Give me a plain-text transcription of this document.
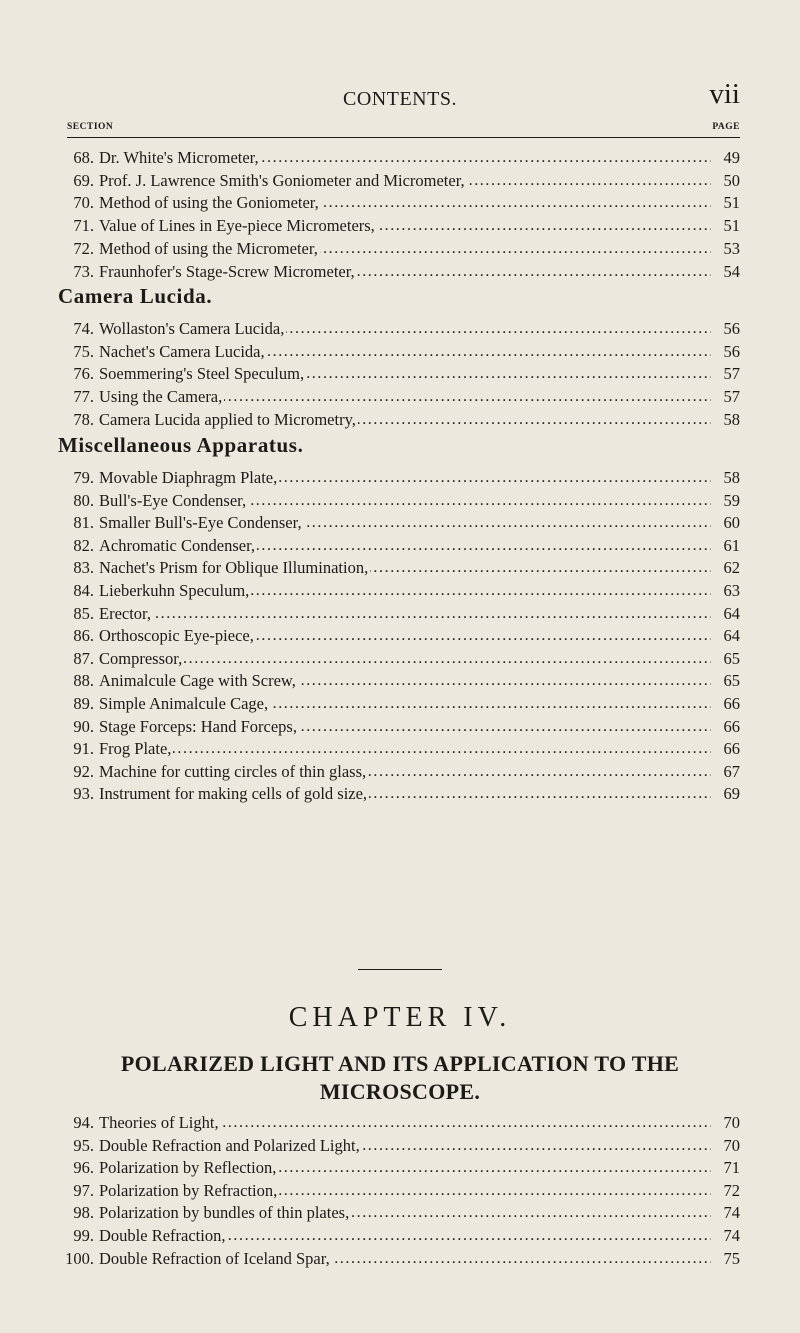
CONTENTS.	vii
SECTION	PAGE
68. Dr. White's Micrometer, . . .	49
69. Prof. J. Lawrence Smith's Goniometer and Micrometer, . . .	50
70. Method of using the Goniometer, . . .	51
71. Value of Lines in Eye-piece Micrometers, . . .	51
72. Method of using the Micrometer, . . .	53
73. Fraunhofer's Stage-Screw Micrometer, . . .	54
Camera Lucida.
74. Wollaston's Camera Lucida, . . .	56
75. Nachet's Camera Lucida, . . .	56
76. Soemmering's Steel Speculum, . . .	57
77. Using the Camera, . . .	57
78. Camera Lucida applied to Micrometry, . . .	58
Miscellaneous Apparatus.
79. Movable Diaphragm Plate, . . .	58
80. Bull's-Eye Condenser, . . .	59
81. Smaller Bull's-Eye Condenser, . . .	60
82. Achromatic Condenser, . . .	61
83. Nachet's Prism for Oblique Illumination, . . .	62
84. Lieberkuhn Speculum, . . .	63
85. Erector, . . .	64
86. Orthoscopic Eye-piece, . . .	64
87. Compressor, . . .	65
88. Animalcule Cage with Screw, . . .	65
89. Simple Animalcule Cage, . . .	66
90. Stage Forceps: Hand Forceps, . . .	66
91. Frog Plate, . . .	66
92. Machine for cutting circles of thin glass, . . .	67
93. Instrument for making cells of gold size, . . .	69
94. Theories of Light, . . .	70
95. Double Refraction and Polarized Light, . . .	70
96. Polarization by Reflection, . . .	71
97. Polarization by Refraction, . . .	72
98. Polarization by bundles of thin plates, . . .	74
99. Double Refraction, . . .	74
100. Double Refraction of Iceland Spar, . . .	75
CHAPTER IV.
POLARIZED LIGHT AND ITS APPLICATION TO THE MICROSCOPE.
